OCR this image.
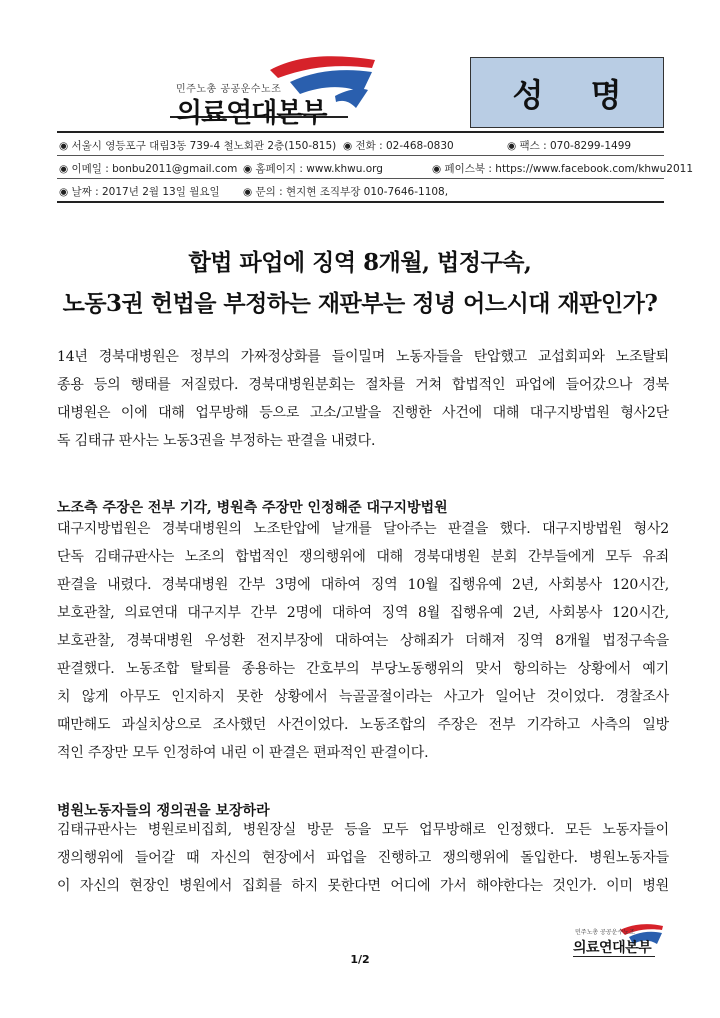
민주노총 공공운수노조
의료연대본부	성 명
◉ 서울시 영등포구 대림3동 739-4 철노회관 2층(150-815) ◉ 전화 : 02-468-0830	◉ 팩스 : 070-8299-1499
◉ 이메일 : bonbu2011@gmail.com ◉ 홈페이지 : www.khwu.org	◉ 페이스북 : https://www.facebook.com/khwu2011
◉ 날짜 : 2017년 2월 13일 월요일 ◉ 문의 : 현지현 조직부장 010-7646-1108,
합법 파업에 징역 8개월, 법정구속,
노동3권 헌법을 부정하는 재판부는 정녕 어느시대 재판인가?
14년 경북대병원은 정부의 가짜정상화를 들이밀며 노동자들을 탄압했고 교섭회피와 노조탈퇴
종용 등의 행태를 저질렀다. 경북대병원분회는 절차를 거쳐 합법적인 파업에 들어갔으나 경북
대병원은 이에 대해 업무방해 등으로 고소/고발을 진행한 사건에 대해 대구지방법원 형사2단
독 김태규 판사는 노동3권을 부정하는 판결을 내렸다.
노조측 주장은 전부 기각, 병원측 주장만 인정해준 대구지방법원
대구지방법원은 경북대병원의 노조탄압에 날개를 달아주는 판결을 했다. 대구지방법원 형사2
단독 김태규판사는 노조의 합법적인 쟁의행위에 대해 경북대병원 분회 간부들에게 모두 유죄
판결을 내렸다. 경북대병원 간부 3명에 대하여 징역 10월 집행유예 2년, 사회봉사 120시간,
보호관찰, 의료연대 대구지부 간부 2명에 대하여 징역 8월 집행유예 2년, 사회봉사 120시간,
보호관찰, 경북대병원 우성환 전지부장에 대하여는 상해죄가 더해져 징역 8개월 법정구속을
판결했다. 노동조합 탈퇴를 종용하는 간호부의 부당노동행위의 맞서 항의하는 상황에서 예기
치 않게 아무도 인지하지 못한 상황에서 늑골골절이라는 사고가 일어난 것이었다. 경찰조사
때만해도 과실치상으로 조사했던 사건이었다. 노동조합의 주장은 전부 기각하고 사측의 일방
적인 주장만 모두 인정하여 내린 이 판결은 편파적인 판결이다.
병원노동자들의 쟁의권을 보장하라
김태규판사는 병원로비집회, 병원장실 방문 등을 모두 업무방해로 인정했다. 모든 노동자들이
쟁의행위에 들어갈 때 자신의 현장에서 파업을 진행하고 쟁의행위에 돌입한다. 병원노동자들
이 자신의 현장인 병원에서 집회를 하지 못한다면 어디에 가서 해야한다는 것인가. 이미 병원
민주노총 공공운수노조
의료연대본부
1/2
